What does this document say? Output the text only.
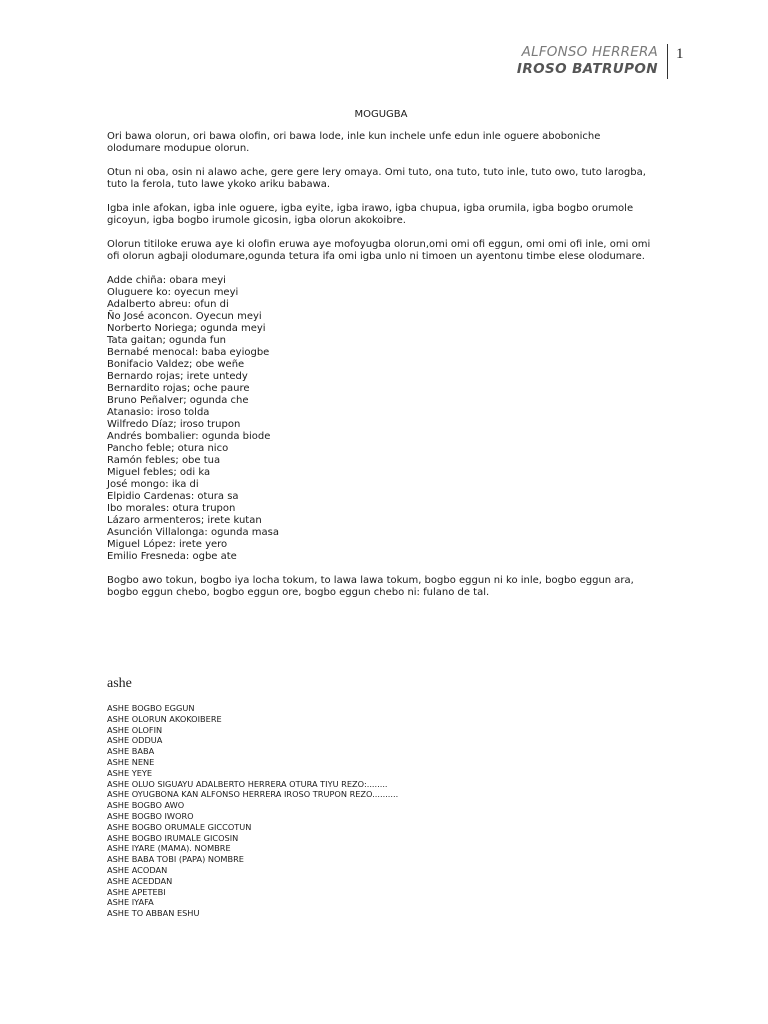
ALFONSO HERRERA
IROSO BATRUPON
1
MOGUGBA
Ori bawa olorun, ori bawa olofin, ori bawa lode, inle kun inchele unfe edun inle oguere aboboniche olodumare modupue olorun.
Otun ni oba, osin ni alawo ache, gere gere lery omaya. Omi tuto, ona tuto, tuto inle, tuto owo, tuto larogba, tuto la ferola, tuto lawe ykoko ariku babawa.
Igba inle afokan, igba inle oguere, igba eyite, igba irawo, igba chupua, igba orumila, igba bogbo orumole gicoyun, igba bogbo irumole gicosin, igba olorun akokoibre.
Olorun titiloke eruwa aye ki olofin eruwa aye mofoyugba olorun,omi omi ofi eggun, omi omi ofi inle, omi omi ofi olorun agbaji olodumare,ogunda tetura ifa omi igba unlo ni timoen un ayentonu timbe elese olodumare.
Adde chiña: obara meyi
Oluguere ko: oyecun meyi
Adalberto abreu: ofun di
Ño José aconcon. Oyecun meyi
Norberto Noriega; ogunda meyi
Tata gaitan; ogunda fun
Bernabé menocal: baba eyiogbe
Bonifacio Valdez; obe weñe
Bernardo rojas; irete untedy
Bernardito rojas; oche paure
Bruno Peñalver; ogunda che
Atanasio: iroso tolda
Wilfredo Díaz; iroso trupon
Andrés bombalier: ogunda biode
Pancho feble; otura nico
Ramón febles; obe tua
Miguel febles; odi ka
José mongo: ika di
Elpidio Cardenas: otura sa
Ibo morales: otura trupon
Lázaro armenteros; irete kutan
Asunción Villalonga: ogunda masa
Miguel López: irete yero
Emilio Fresneda: ogbe ate
Bogbo awo tokun, bogbo iya locha tokum, to lawa lawa tokum, bogbo eggun ni ko inle, bogbo eggun ara, bogbo eggun chebo, bogbo eggun ore, bogbo eggun chebo ni: fulano de tal.
ashe
ASHE BOGBO EGGUN
ASHE OLORUN AKOKOIBERE
ASHE OLOFIN
ASHE ODDUA
ASHE BABA
ASHE NENE
ASHE YEYE
ASHE OLUO SIGUAYU ADALBERTO HERRERA OTURA TIYU REZO:........
ASHE OYUGBONA KAN ALFONSO HERRERA IROSO TRUPON REZO..........
ASHE BOGBO AWO
ASHE BOGBO IWORO
ASHE BOGBO ORUMALE GICCOTUN
ASHE BOGBO IRUMALE GICOSIN
ASHE IYARE (MAMA). NOMBRE
ASHE BABA TOBI (PAPA) NOMBRE
ASHE ACODAN
ASHE ACEDDAN
ASHE APETEBI
ASHE IYAFA
ASHE TO ABBAN ESHU
